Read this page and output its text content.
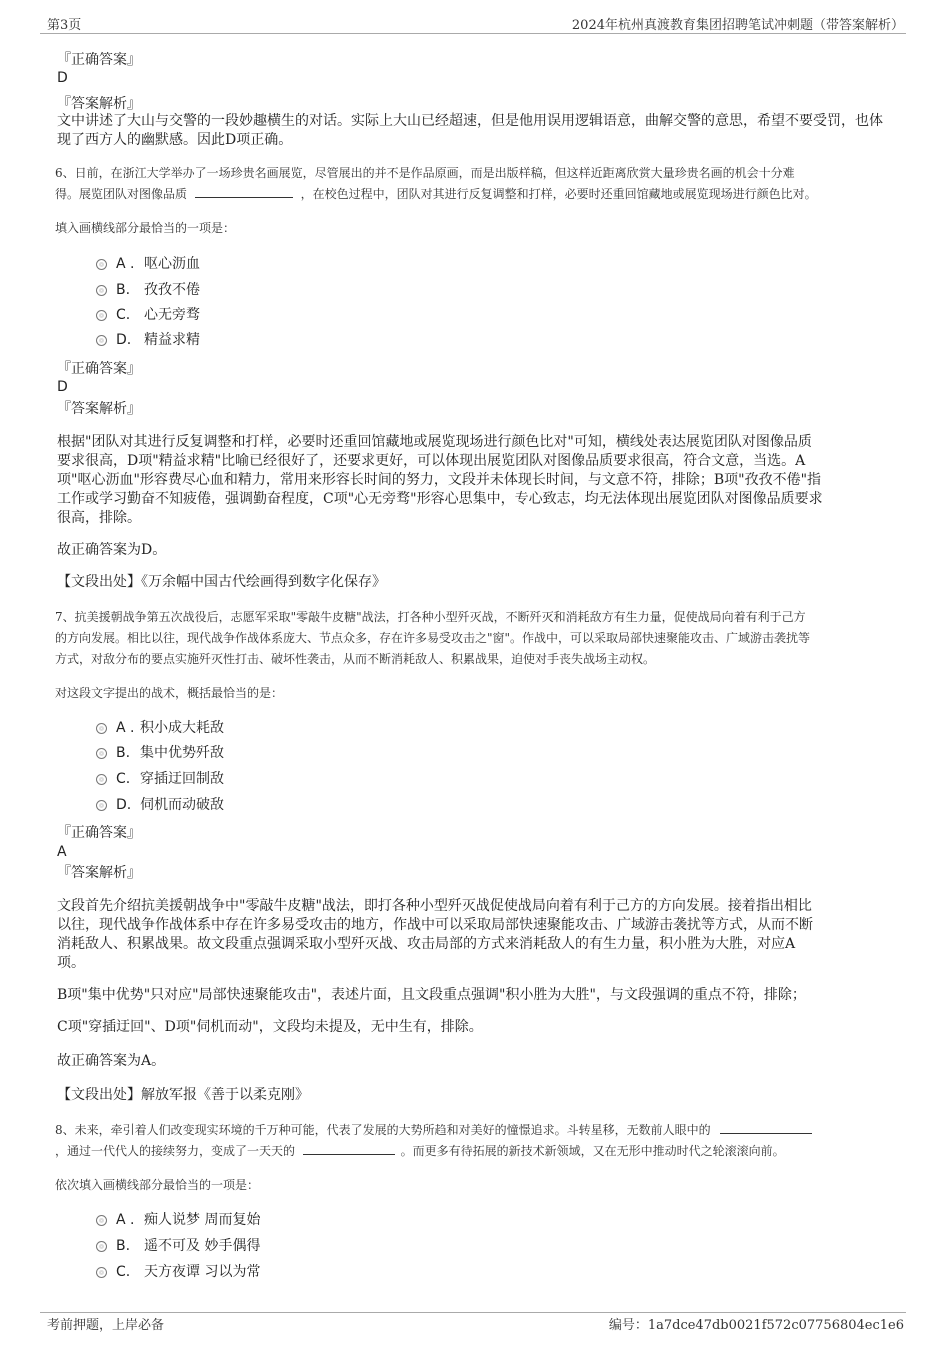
第3页	2024年杭州真渡教育集团招聘笔试冲刺题（带答案解析）
『正确答案』
D
『答案解析』
文中讲述了大山与交警的一段妙趣横生的对话。实际上大山已经超速，但是他用误用逻辑语意，曲解交警的意思，希望不要受罚，也体现了西方人的幽默感。因此D项正确。
6、日前，在浙江大学举办了一场珍贵名画展览，尽管展出的并不是作品原画，而是出版样稿，但这样近距离欣赏大量珍贵名画的机会十分难
得。展览团队对图像品质	，在校色过程中，团队对其进行反复调整和打样，必要时还重回馆藏地或展览现场进行颜色比对。
填入画横线部分最恰当的一项是：
A . 呕心沥血
B. 孜孜不倦
C. 心无旁骛
D. 精益求精
『正确答案』
D
『答案解析』
根据"团队对其进行反复调整和打样，必要时还重回馆藏地或展览现场进行颜色比对"可知，横线处表达展览团队对图像品质
要求很高，D项"精益求精"比喻已经很好了，还要求更好，可以体现出展览团队对图像品质要求很高，符合文意，当选。A
项"呕心沥血"形容费尽心血和精力，常用来形容长时间的努力，文段并未体现长时间，与文意不符，排除；B项"孜孜不倦"指
工作或学习勤奋不知疲倦，强调勤奋程度，C项"心无旁骛"形容心思集中，专心致志，均无法体现出展览团队对图像品质要求
很高，排除。
故正确答案为D。
【文段出处】《万余幅中国古代绘画得到数字化保存》
7、抗美援朝战争第五次战役后，志愿军采取"零敲牛皮糖"战法，打各种小型歼灭战，不断歼灭和消耗敌方有生力量，促使战局向着有利于己方
的方向发展。相比以往，现代战争作战体系庞大、节点众多，存在许多易受攻击之"窗"。作战中，可以采取局部快速聚能攻击、广域游击袭扰等
方式，对敌分布的要点实施歼灭性打击、破坏性袭击，从而不断消耗敌人、积累战果，迫使对手丧失战场主动权。
对这段文字提出的战术，概括最恰当的是：
A . 积小成大耗敌
B. 集中优势歼敌
C. 穿插迂回制敌
D. 伺机而动破敌
『正确答案』
A
『答案解析』
文段首先介绍抗美援朝战争中"零敲牛皮糖"战法，即打各种小型歼灭战促使战局向着有利于己方的方向发展。接着指出相比
以往，现代战争作战体系中存在许多易受攻击的地方，作战中可以采取局部快速聚能攻击、广域游击袭扰等方式，从而不断
消耗敌人、积累战果。故文段重点强调采取小型歼灭战、攻击局部的方式来消耗敌人的有生力量，积小胜为大胜，对应A
项。
B项"集中优势"只对应"局部快速聚能攻击"，表述片面，且文段重点强调"积小胜为大胜"，与文段强调的重点不符，排除；
C项"穿插迂回"、D项"伺机而动"，文段均未提及，无中生有，排除。
故正确答案为A。
【文段出处】解放军报《善于以柔克刚》
8、未来，牵引着人们改变现实环境的千万种可能，代表了发展的大势所趋和对美好的憧憬追求。斗转星移，无数前人眼中的
，通过一代代人的接续努力，变成了一天天的	。而更多有待拓展的新技术新领域，又在无形中推动时代之轮滚滚向前。
依次填入画横线部分最恰当的一项是：
A . 痴人说梦 周而复始
B. 遥不可及 妙手偶得
C. 天方夜谭 习以为常
考前押题，上岸必备	编号：1a7dce47db0021f572c07756804ec1e6
